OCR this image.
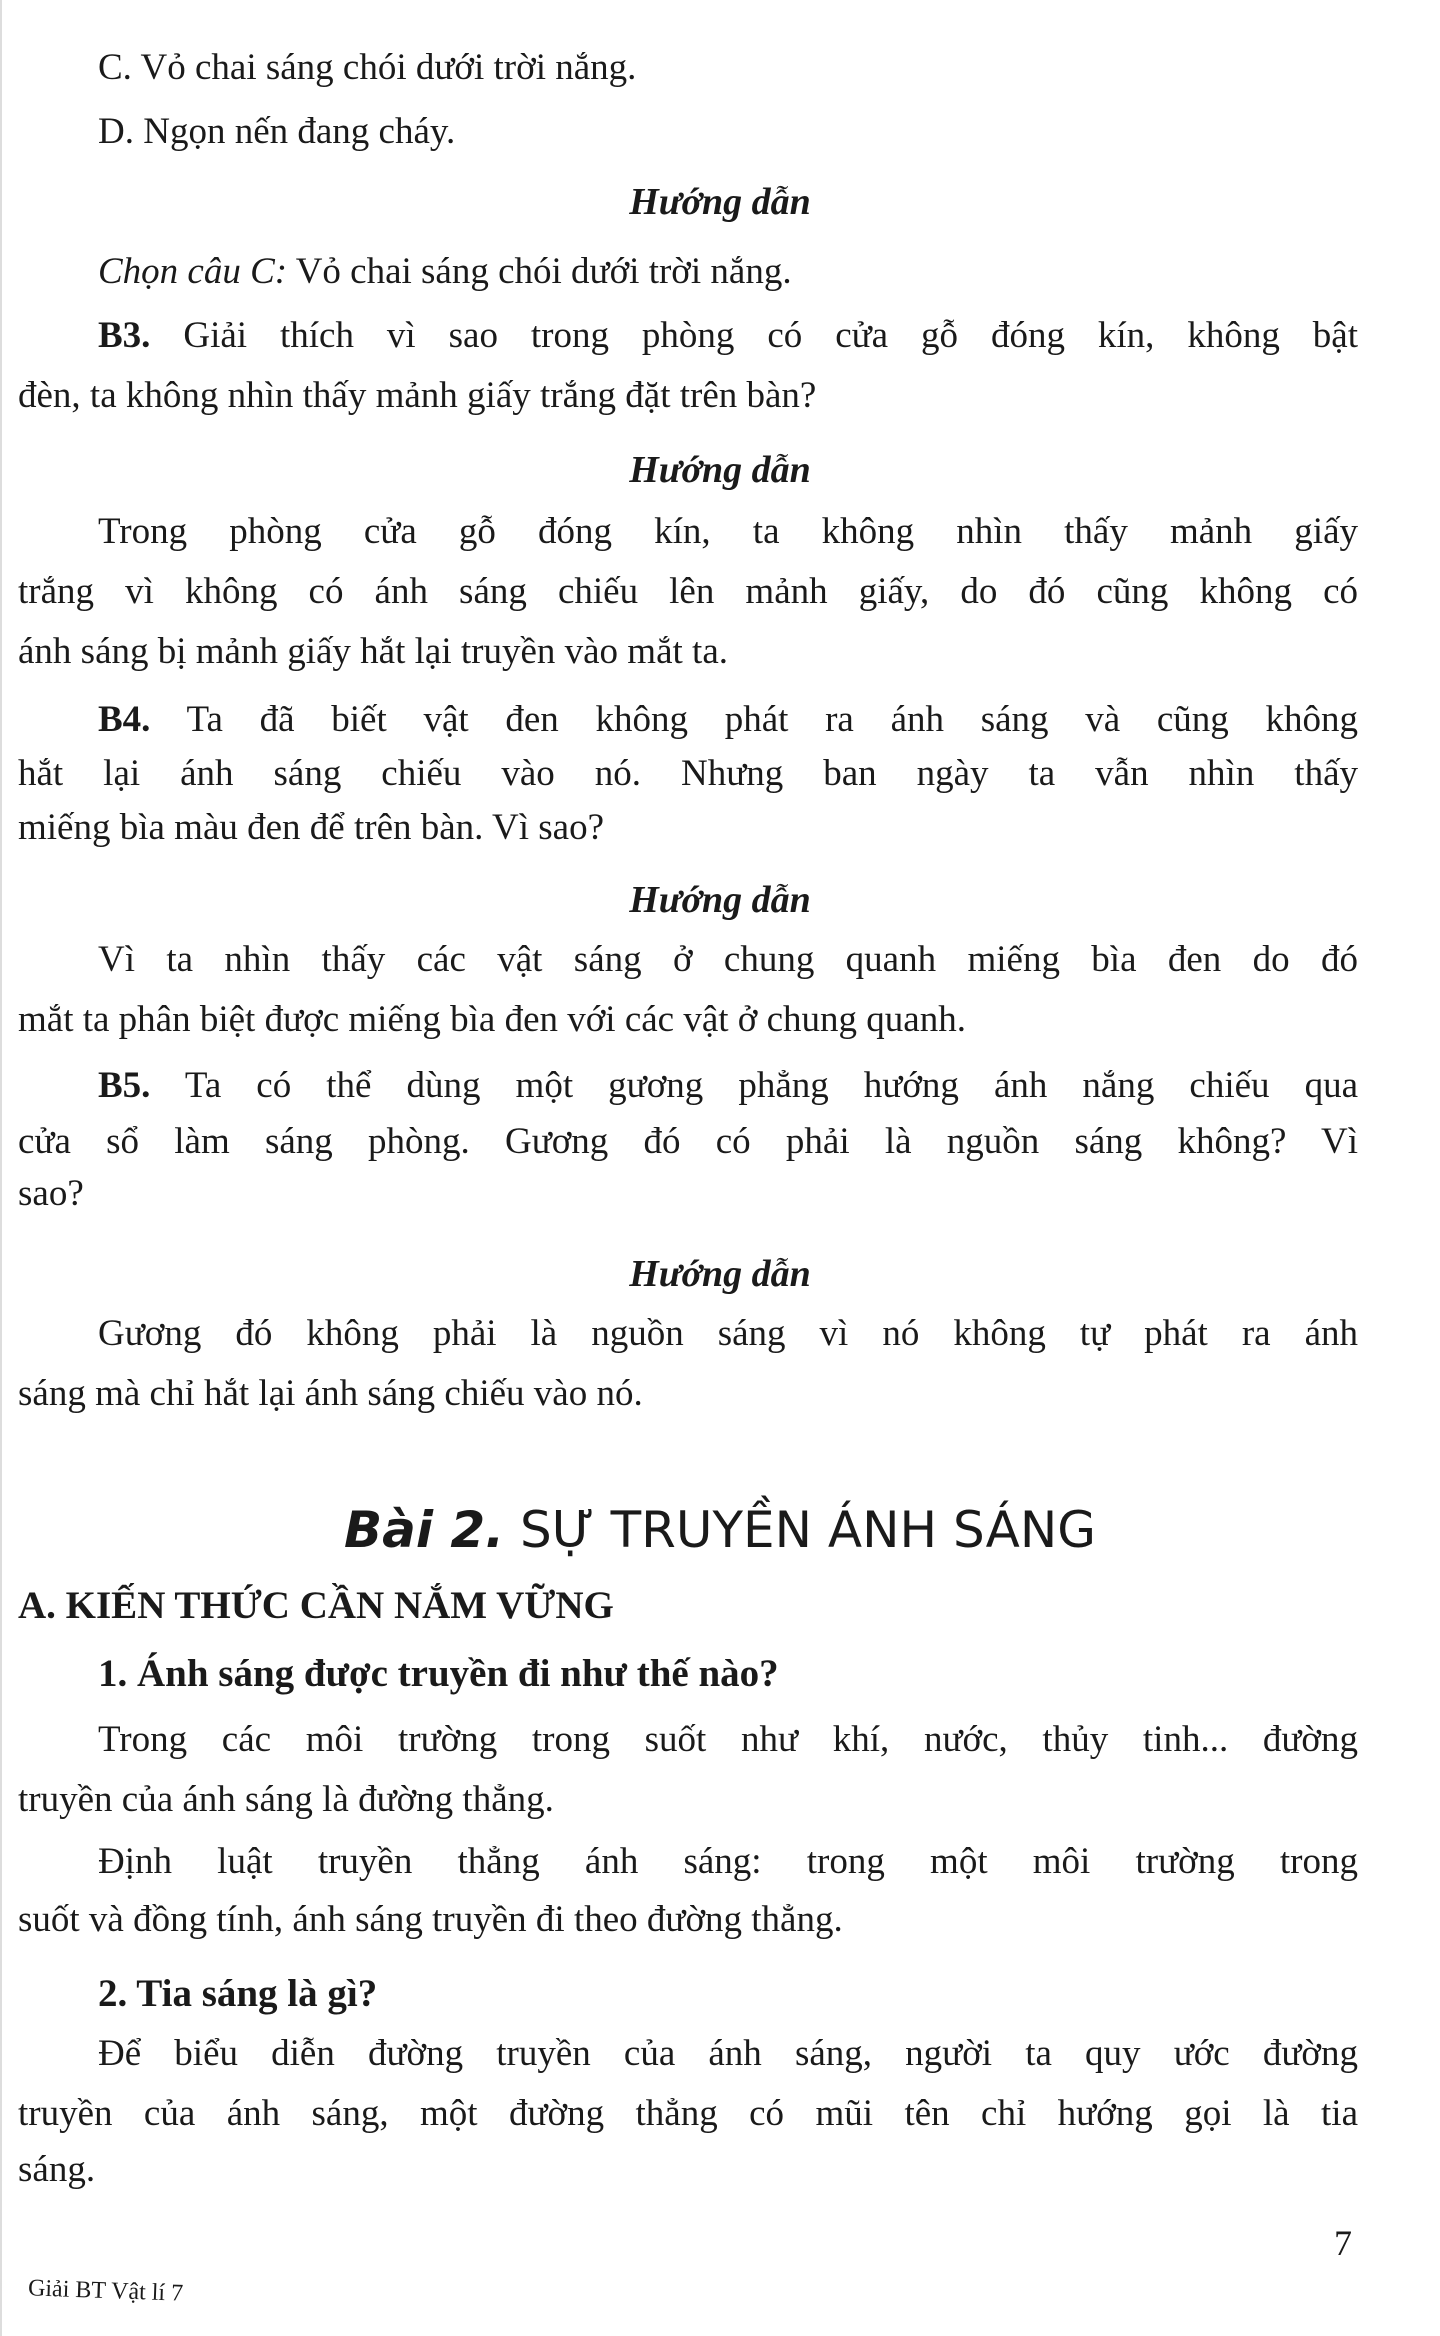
C. Vỏ chai sáng chói dưới trời nắng.
D. Ngọn nến đang cháy.
Hướng dẫn
Chọn câu C: Vỏ chai sáng chói dưới trời nắng.
B3. Giải thích vì sao trong phòng có cửa gỗ đóng kín, không bật
đèn, ta không nhìn thấy mảnh giấy trắng đặt trên bàn?
Hướng dẫn
Trong phòng cửa gỗ đóng kín, ta không nhìn thấy mảnh giấy
trắng vì không có ánh sáng chiếu lên mảnh giấy, do đó cũng không có
ánh sáng bị mảnh giấy hắt lại truyền vào mắt ta.
B4. Ta đã biết vật đen không phát ra ánh sáng và cũng không
hắt lại ánh sáng chiếu vào nó. Nhưng ban ngày ta vẫn nhìn thấy
miếng bìa màu đen để trên bàn. Vì sao?
Hướng dẫn
Vì ta nhìn thấy các vật sáng ở chung quanh miếng bìa đen do đó
mắt ta phân biệt được miếng bìa đen với các vật ở chung quanh.
B5. Ta có thể dùng một gương phẳng hướng ánh nắng chiếu qua
cửa sổ làm sáng phòng. Gương đó có phải là nguồn sáng không? Vì
sao?
Hướng dẫn
Gương đó không phải là nguồn sáng vì nó không tự phát ra ánh
sáng mà chỉ hắt lại ánh sáng chiếu vào nó.
Bài 2. SỰ TRUYỀN ÁNH SÁNG
A. KIẾN THỨC CẦN NẮM VỮNG
1. Ánh sáng được truyền đi như thế nào?
Trong các môi trường trong suốt như khí, nước, thủy tinh... đường
truyền của ánh sáng là đường thẳng.
Định luật truyền thẳng ánh sáng: trong một môi trường trong
suốt và đồng tính, ánh sáng truyền đi theo đường thẳng.
2. Tia sáng là gì?
Để biểu diễn đường truyền của ánh sáng, người ta quy ước đường
truyền của ánh sáng, một đường thẳng có mũi tên chỉ hướng gọi là tia
sáng.
7
Giải BT Vật lí 7
